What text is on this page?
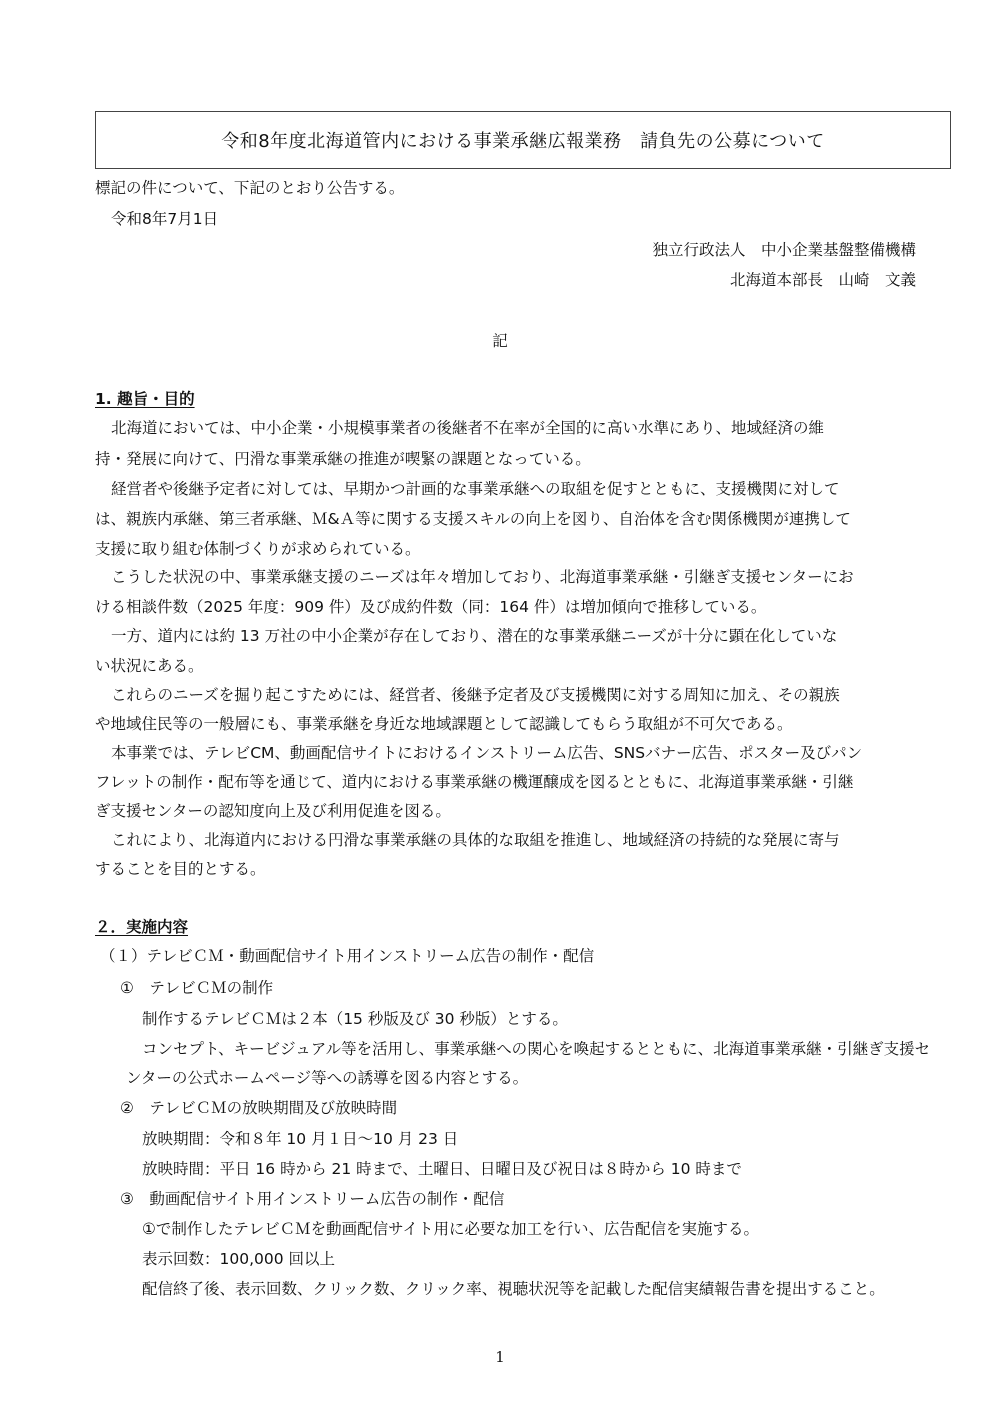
令和8年度北海道管内における事業承継広報業務　請負先の公募について
標記の件について、下記のとおり公告する。
令和8年7月1日
独立行政法人　中小企業基盤整備機構
北海道本部長　山崎　文義
記
1. 趣旨・目的
北海道においては、中小企業・小規模事業者の後継者不在率が全国的に高い水準にあり、地域経済の維
持・発展に向けて、円滑な事業承継の推進が喫緊の課題となっている。
経営者や後継予定者に対しては、早期かつ計画的な事業承継への取組を促すとともに、支援機関に対して
は、親族内承継、第三者承継、Ｍ&Ａ等に関する支援スキルの向上を図り、自治体を含む関係機関が連携して
支援に取り組む体制づくりが求められている。
こうした状況の中、事業承継支援のニーズは年々増加しており、北海道事業承継・引継ぎ支援センターにお
ける相談件数（2025 年度：909 件）及び成約件数（同：164 件）は増加傾向で推移している。
一方、道内には約 13 万社の中小企業が存在しており、潜在的な事業承継ニーズが十分に顕在化していな
い状況にある。
これらのニーズを掘り起こすためには、経営者、後継予定者及び支援機関に対する周知に加え、その親族
や地域住民等の一般層にも、事業承継を身近な地域課題として認識してもらう取組が不可欠である。
本事業では、テレビCM、動画配信サイトにおけるインストリーム広告、SNSバナー広告、ポスター及びパン
フレットの制作・配布等を通じて、道内における事業承継の機運醸成を図るとともに、北海道事業承継・引継
ぎ支援センターの認知度向上及び利用促進を図る。
これにより、北海道内における円滑な事業承継の具体的な取組を推進し、地域経済の持続的な発展に寄与
することを目的とする。
２．実施内容
（１）テレビＣＭ・動画配信サイト用インストリーム広告の制作・配信
①　テレビＣＭの制作
制作するテレビＣＭは２本（15 秒版及び 30 秒版）とする。
コンセプト、キービジュアル等を活用し、事業承継への関心を喚起するとともに、北海道事業承継・引継ぎ支援セ
ンターの公式ホームページ等への誘導を図る内容とする。
②　テレビＣＭの放映期間及び放映時間
放映期間：令和８年 10 月１日～10 月 23 日
放映時間：平日 16 時から 21 時まで、土曜日、日曜日及び祝日は８時から 10 時まで
③　動画配信サイト用インストリーム広告の制作・配信
①で制作したテレビＣＭを動画配信サイト用に必要な加工を行い、広告配信を実施する。
表示回数：100,000 回以上
配信終了後、表示回数、クリック数、クリック率、視聴状況等を記載した配信実績報告書を提出すること。
1
